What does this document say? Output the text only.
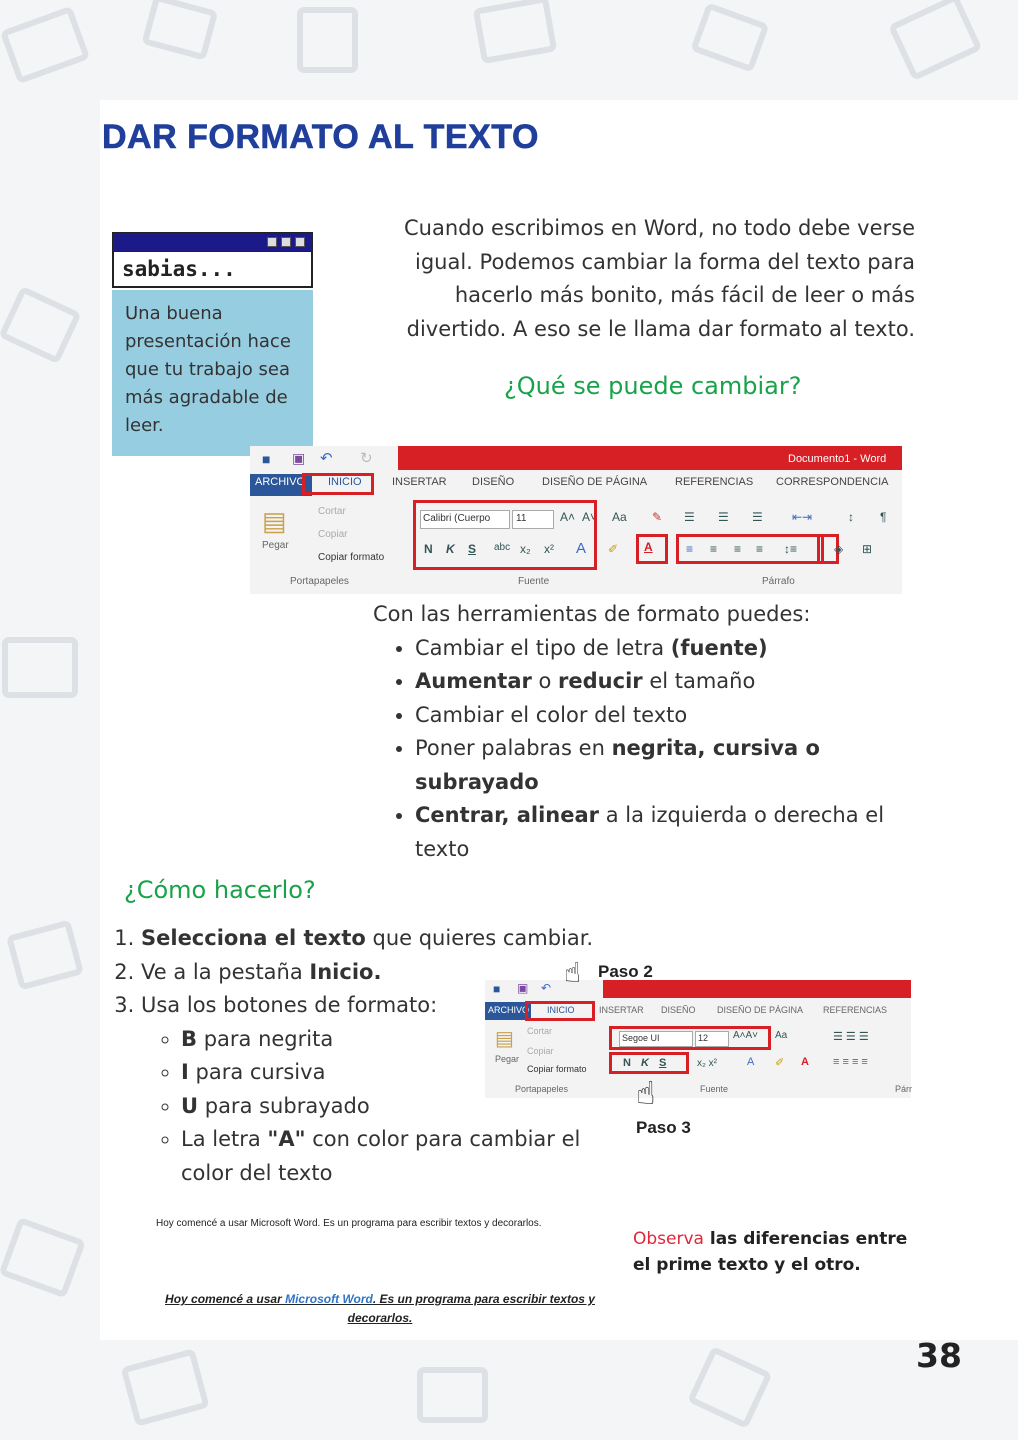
DAR FORMATO AL TEXTO
sabias...
Una buena presentación hace que tu trabajo sea más agradable de leer.
Cuando escribimos en Word, no todo debe verse igual. Podemos cambiar la forma del texto para hacerlo más bonito, más fácil de leer o más divertido. A eso se le llama dar formato al texto.
¿Qué se puede cambiar?
Documento1 - Word
■ ▣ ↶ ↻
ARCHIVO INICIO	INSERTAR DISEÑO	DISEÑO DE PÁGINA	REFERENCIAS CORRESPONDENCIA
▤
Pegar
Cortar
Copiar
Copiar formato
Portapapeles
Calibri (Cuerpo	11	A˄ A˅
N K S abc x₂ x² A
Aa ✎
✐ A
Fuente
☰ ☰ ☰ ⇤⇥	↕ ¶
≡ ≡ ≡ ≡ ↕≡	◈ ⊞
Párrafo
Con las herramientas de formato puedes:
• Cambiar el tipo de letra (fuente)
• Aumentar o reducir el tamaño
• Cambiar el color del texto
• Poner palabras en negrita, cursiva o subrayado
• Centrar, alinear a la izquierda o derecha el texto
¿Cómo hacerlo?
1. Selecciona el texto que quieres cambiar.
2. Ve a la pestaña Inicio.
3. Usa los botones de formato:
◦ B para negrita
◦ I para cursiva
◦ U para subrayado
◦ La letra "A" con color para cambiar el color del texto
■ ▣ ↶
ARCHIVO INICIO	INSERTAR DISEÑO DISEÑO DE PÁGINA REFERENCIAS
▤
Pegar
Cortar
Copiar
Copiar formato
Portapapeles
Segoe UI	12 A˄A˅ Aa
N K S	x₂ x²	A ✐ A
☰ ☰ ☰
≡ ≡ ≡ ≡
Fuente	Párr
☝ Paso 2
☝
Paso 3
Hoy comencé a usar Microsoft Word. Es un programa para escribir textos y decorarlos.
Hoy comencé a usar Microsoft Word. Es un programa para escribir textos y decorarlos.
Observa las diferencias entre el prime texto y el otro.
38
